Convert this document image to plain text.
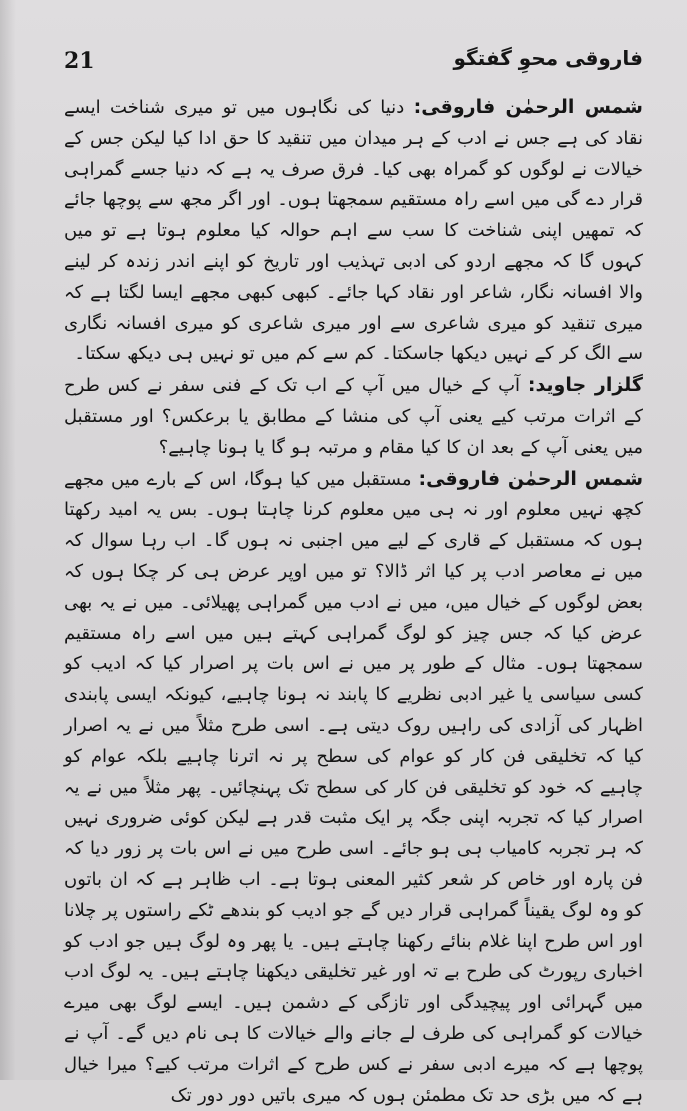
21	فاروقی محوِ گفتگو

شمس الرحمٰن فاروقی: دنیا کی نگاہوں میں تو میری شناخت ایسے نقاد کی ہے جس نے ادب کے ہر میدان میں تنقید کا حق ادا کیا لیکن جس کے خیالات نے لوگوں کو گمراہ بھی کیا۔ فرق صرف یہ ہے کہ دنیا جسے گمراہی قرار دے گی میں اسے راہ مستقیم سمجھتا ہوں۔ اور اگر مجھ سے پوچھا جائے کہ تمھیں اپنی شناخت کا سب سے اہم حوالہ کیا معلوم ہوتا ہے تو میں کہوں گا کہ مجھے اردو کی ادبی تہذیب اور تاریخ کو اپنے اندر زندہ کر لینے والا افسانہ نگار، شاعر اور نقاد کہا جائے۔ کبھی کبھی مجھے ایسا لگتا ہے کہ میری تنقید کو میری شاعری سے اور میری شاعری کو میری افسانہ نگاری سے الگ کر کے نہیں دیکھا جاسکتا۔ کم سے کم میں تو نہیں ہی دیکھ سکتا۔

گلزار جاوید: آپ کے خیال میں آپ کے اب تک کے فنی سفر نے کس طرح کے اثرات مرتب کیے یعنی آپ کی منشا کے مطابق یا برعکس؟ اور مستقبل میں یعنی آپ کے بعد ان کا کیا مقام و مرتبہ ہو گا یا ہونا چاہیے؟

شمس الرحمٰن فاروقی: مستقبل میں کیا ہوگا، اس کے بارے میں مجھے کچھ نہیں معلوم اور نہ ہی میں معلوم کرنا چاہتا ہوں۔ بس یہ امید رکھتا ہوں کہ مستقبل کے قاری کے لیے میں اجنبی نہ ہوں گا۔ اب رہا سوال کہ میں نے معاصر ادب پر کیا اثر ڈالا؟ تو میں اوپر عرض ہی کر چکا ہوں کہ بعض لوگوں کے خیال میں، میں نے ادب میں گمراہی پھیلائی۔ میں نے یہ بھی عرض کیا کہ جس چیز کو لوگ گمراہی کہتے ہیں میں اسے راہ مستقیم سمجھتا ہوں۔ مثال کے طور پر میں نے اس بات پر اصرار کیا کہ ادیب کو کسی سیاسی یا غیر ادبی نظریے کا پابند نہ ہونا چاہیے، کیونکہ ایسی پابندی اظہار کی آزادی کی راہیں روک دیتی ہے۔ اسی طرح مثلاً میں نے یہ اصرار کیا کہ تخلیقی فن کار کو عوام کی سطح پر نہ اترنا چاہیے بلکہ عوام کو چاہیے کہ خود کو تخلیقی فن کار کی سطح تک پہنچائیں۔ پھر مثلاً میں نے یہ اصرار کیا کہ تجربہ اپنی جگہ پر ایک مثبت قدر ہے لیکن کوئی ضروری نہیں کہ ہر تجربہ کامیاب ہی ہو جائے۔ اسی طرح میں نے اس بات پر زور دیا کہ فن پارہ اور خاص کر شعر کثیر المعنی ہوتا ہے۔ اب ظاہر ہے کہ ان باتوں کو وہ لوگ یقیناً گمراہی قرار دیں گے جو ادیب کو بندھے ٹکے راستوں پر چلانا اور اس طرح اپنا غلام بنائے رکھنا چاہتے ہیں۔ یا پھر وہ لوگ ہیں جو ادب کو اخباری رپورٹ کی طرح بے تہ اور غیر تخلیقی دیکھنا چاہتے ہیں۔ یہ لوگ ادب میں گہرائی اور پیچیدگی اور تازگی کے دشمن ہیں۔ ایسے لوگ بھی میرے خیالات کو گمراہی کی طرف لے جانے والے خیالات کا ہی نام دیں گے۔ آپ نے پوچھا ہے کہ میرے ادبی سفر نے کس طرح کے اثرات مرتب کیے؟ میرا خیال ہے کہ میں بڑی حد تک مطمئن ہوں کہ میری باتیں دور دور تک
